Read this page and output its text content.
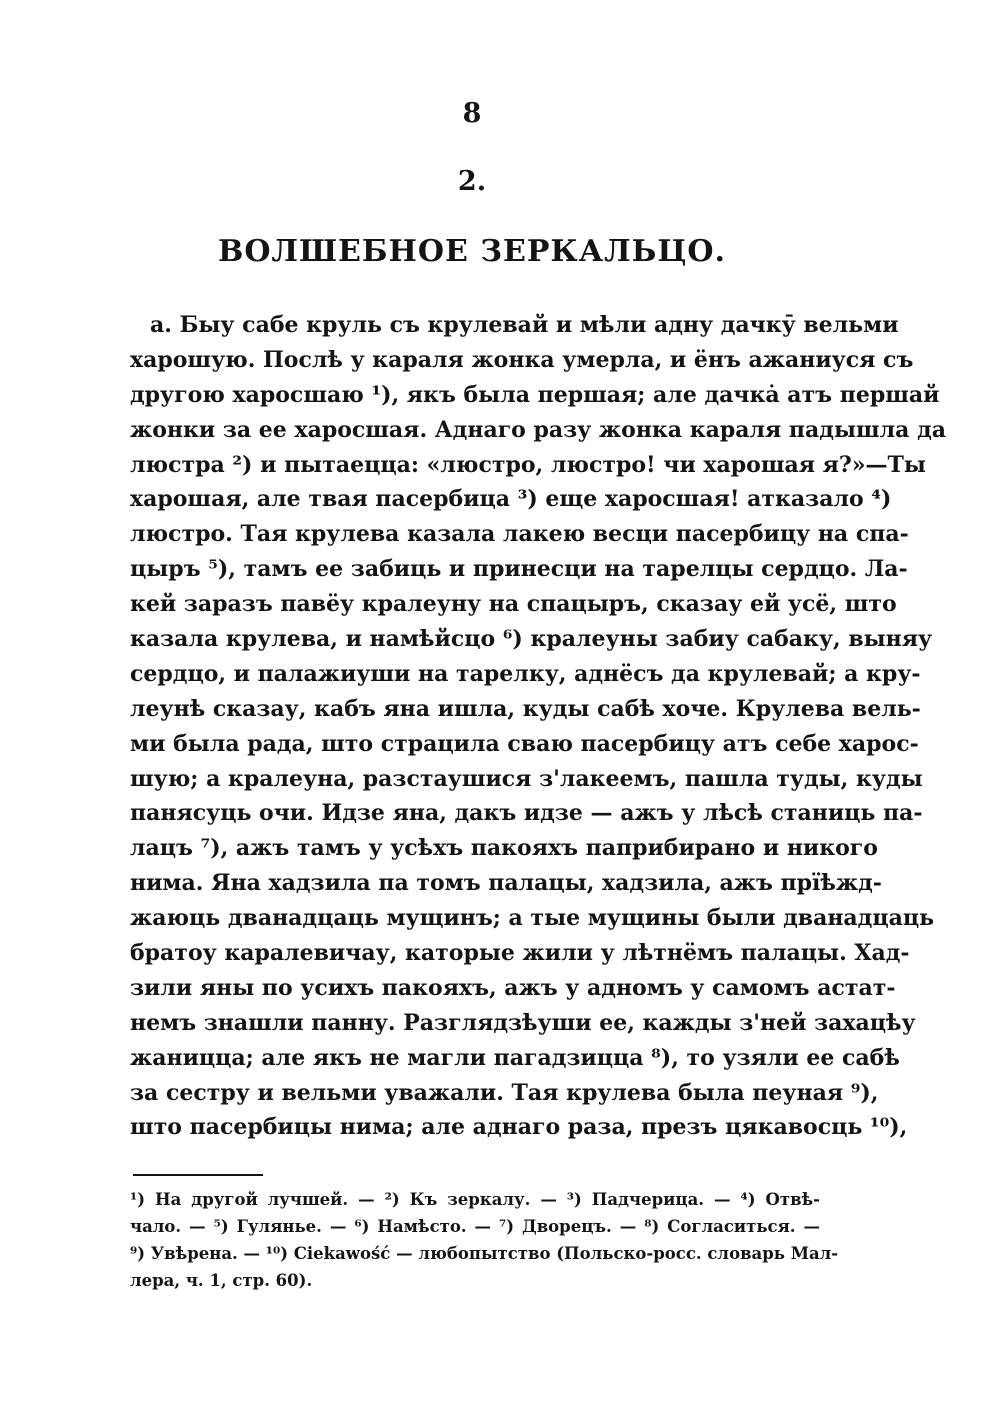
8
2.
ВОЛШЕБНОЕ ЗЕРКАЛЬЦО.
а. Быу сабе круль съ крулевай и мѣли адну дачкӯ вельми
харошую. Послѣ у караля жонка умерла, и ёнъ ажаниуся съ
другою харосшаю ¹), якъ была першая; але дачкȧ атъ першай
жонки за ее харосшая. Аднаго разу жонка караля падышла да
люстра ²) и пытаецца: «люстро, люстро! чи харошая я?»—Ты
харошая, але твая пасербица ³) еще харосшая! атказало ⁴)
люстро. Тая крулева казала лакею весци пасербицу на спа-
цыръ ⁵), тамъ ее забиць и принесци на тарелцы сердцо. Ла-
кей заразъ павёу кралеуну на спацыръ, сказау ей усё, што
казала крулева, и намѣйсцо ⁶) кралеуны забиу сабаку, выняу
сердцо, и палажиуши на тарелку, аднёсъ да крулевай; а кру-
леунѣ сказау, кабъ яна ишла, куды сабѣ хоче. Крулева вель-
ми была рада, што страцила сваю пасербицу атъ себе харос-
шую; а кралеуна, разстаушися з'лакеемъ, пашла туды, куды
панясуць очи. Идзе яна, дакъ идзе — ажъ у лѣсѣ станиць па-
лацъ ⁷), ажъ тамъ у усѣхъ пакояхъ паприбирано и никого
нима. Яна хадзила па томъ палацы, хадзила, ажъ прїѣжд-
жаюць дванадцаць мущинъ; а тые мущины были дванадцаць
братоу каралевичау, каторые жили у лѣтнёмъ палацы. Хад-
зили яны по усихъ пакояхъ, ажъ у адномъ у самомъ астат-
немъ знашли панну. Разглядзѣуши ее, кажды з'ней захацѣу
жаницца; але якъ не магли пагадзицца ⁸), то узяли ее сабѣ
за сестру и вельми уважали. Тая крулева была пеуная ⁹),
што пасербицы нима; але аднаго раза, презъ цякавосць ¹⁰),
¹) На другой лучшей. — ²) Къ зеркалу. — ³) Падчерица. — ⁴) Отвѣ-
чало. — ⁵) Гулянье. — ⁶) Намѣсто. — ⁷) Дворецъ. — ⁸) Согласиться. —
⁹) Увѣрена. — ¹⁰) Ciekawość — любопытство (Польско-росс. словарь Мал-
лера, ч. 1, стр. 60).
